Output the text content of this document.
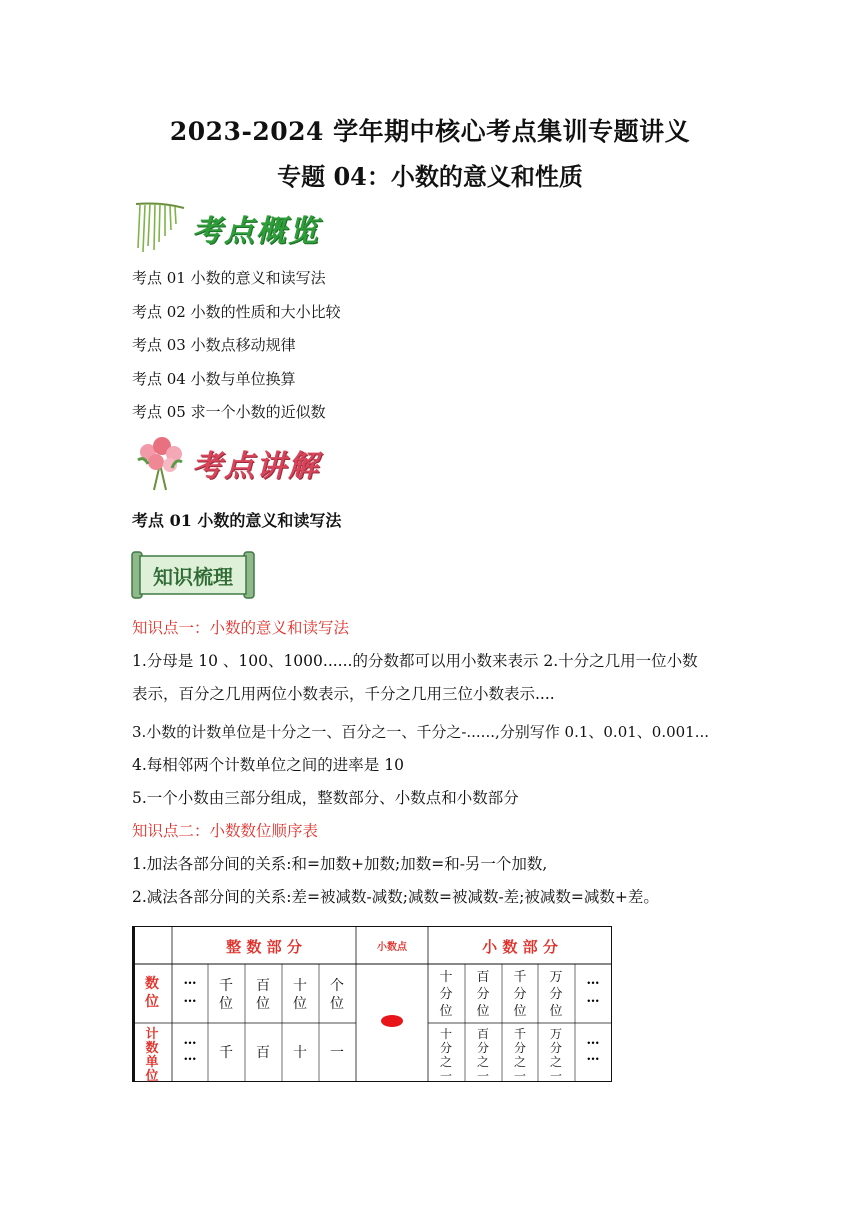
2023-2024 学年期中核心考点集训专题讲义
专题 04：小数的意义和性质
考点概览
考点 01 小数的意义和读写法
考点 02 小数的性质和大小比较
考点 03 小数点移动规律
考点 04 小数与单位换算
考点 05 求一个小数的近似数
考点讲解
考点 01 小数的意义和读写法
知识梳理
知识点一：小数的意义和读写法
1.分母是 10 、100、1000......的分数都可以用小数来表示 2.十分之几用一位小数
表示，百分之几用两位小数表示，千分之几用三位小数表示....
3.小数的计数单位是十分之一、百分之一、千分之-......,分别写作 0.1、0.01、0.001...
4.每相邻两个计数单位之间的进率是 10
5.一个小数由三部分组成，整数部分、小数点和小数部分
知识点二：小数数位顺序表
1.加法各部分间的关系:和=加数+加数;加数=和-另一个加数,
2.减法各部分间的关系:差=被减数-减数;减数=被减数-差;被减数=减数+差。
整 数 部 分	小数点	小 数 部 分
数
位
计
数
单
位
…
…
…
…
…
…
…
…
千
位
百
位
十
位
个
位
千 百 十 一
十
分
位
百
分
位
千
分
位
万
分
位
十
分
之
一
百
分
之
一
千
分
之
一
万
分
之
一
